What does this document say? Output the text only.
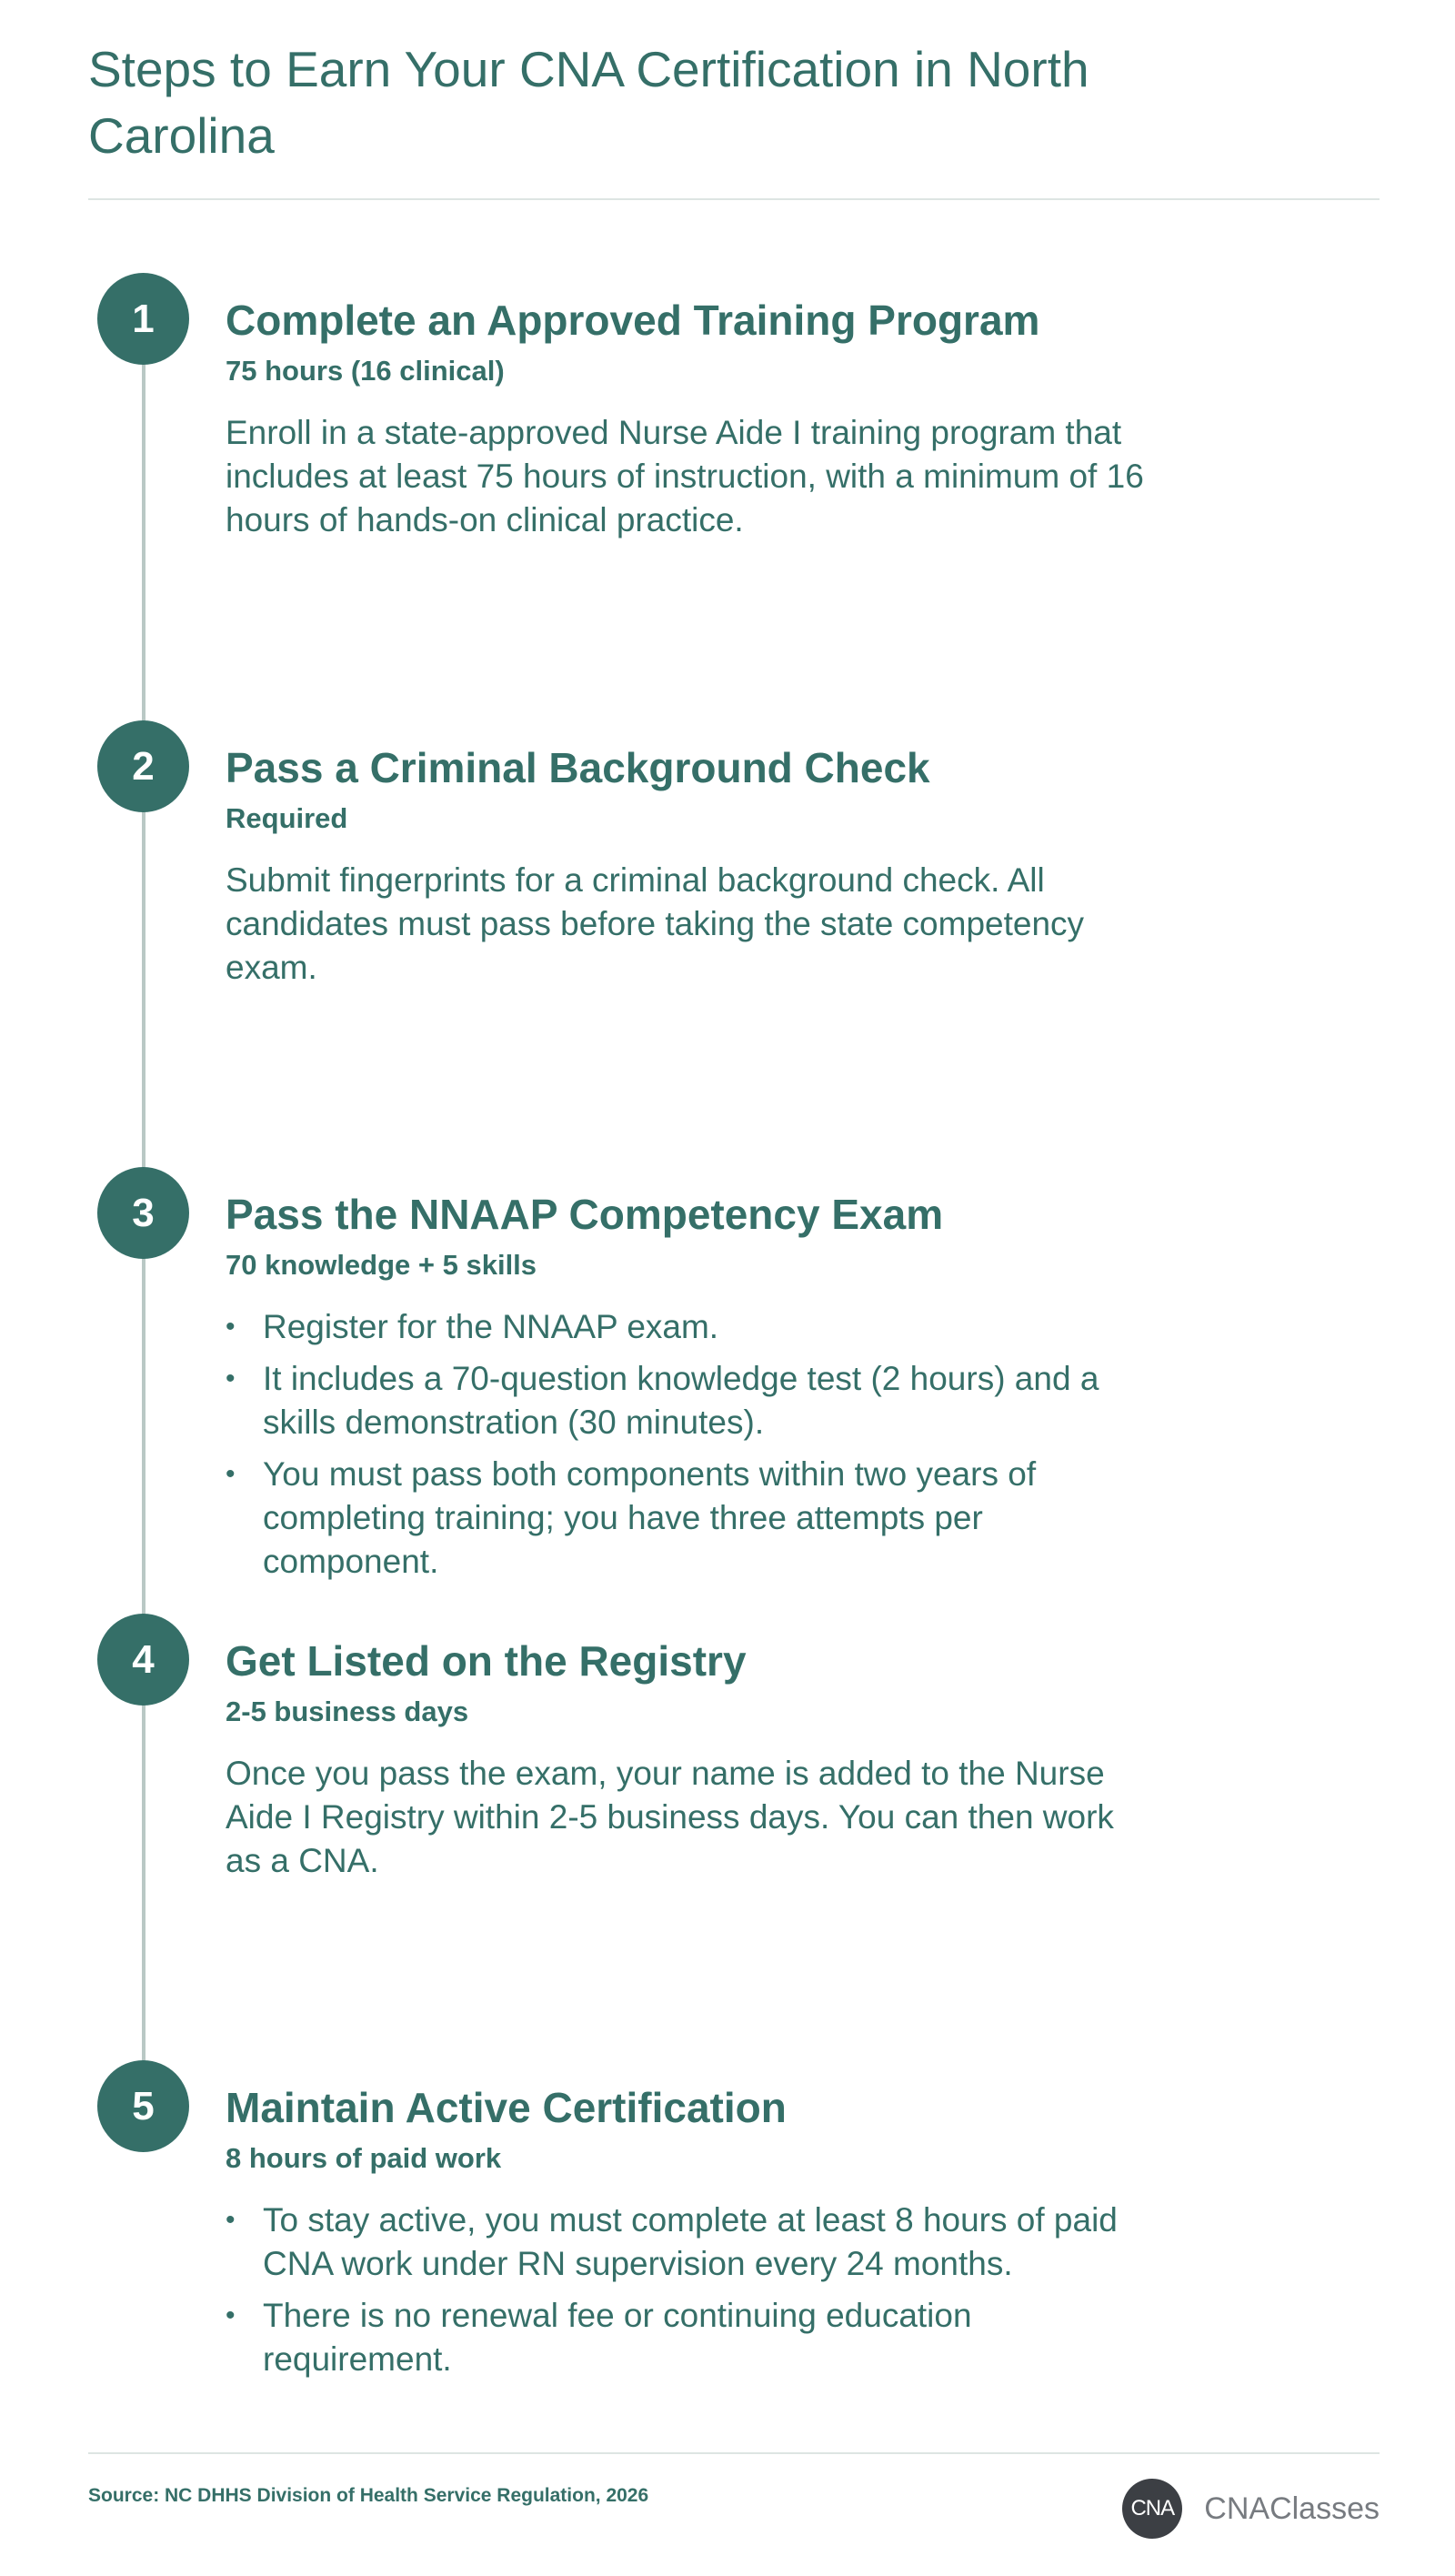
Steps to Earn Your CNA Certification in North Carolina
1	Complete an Approved Training Program

75 hours (16 clinical)

Enroll in a state-approved Nurse Aide I training program that includes at least 75 hours of instruction, with a minimum of 16 hours of hands-on clinical practice.

2	Pass a Criminal Background Check

Required

Submit fingerprints for a criminal background check. All candidates must pass before taking the state competency exam.

3	Pass the NNAAP Competency Exam

70 knowledge + 5 skills

• Register for the NNAAP exam.
• It includes a 70-question knowledge test (2 hours) and a skills demonstration (30 minutes).
• You must pass both components within two years of completing training; you have three attempts per component.
4	Get Listed on the Registry

2-5 business days

Once you pass the exam, your name is added to the Nurse Aide I Registry within 2-5 business days. You can then work as a CNA.

5	Maintain Active Certification

8 hours of paid work

• To stay active, you must complete at least 8 hours of paid CNA work under RN supervision every 24 months.
• There is no renewal fee or continuing education requirement.
Source: NC DHHS Division of Health Service Regulation, 2026
CNA CNAClasses
